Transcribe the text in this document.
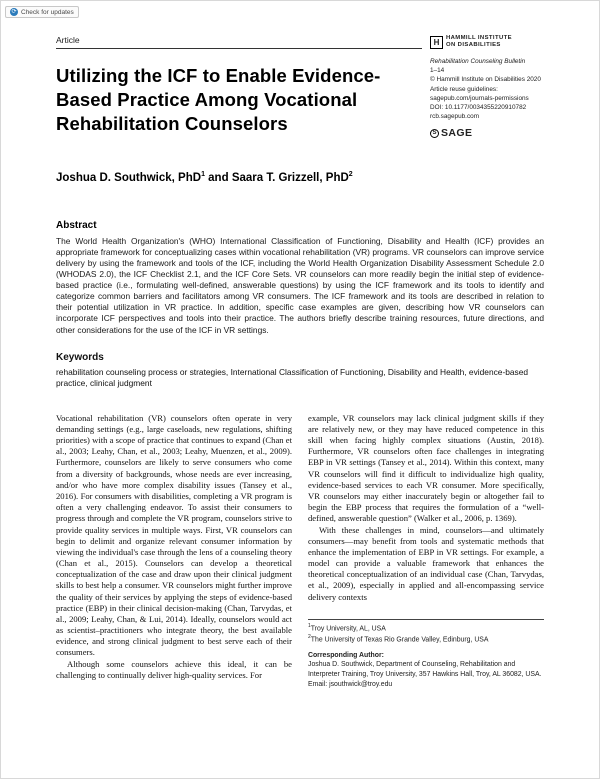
⟳ Check for updates
Article
Utilizing the ICF to Enable Evidence-Based Practice Among Vocational Rehabilitation Counselors
H	HAMMILL INSTITUTE
ON DISABILITIES
Rehabilitation Counseling Bulletin
1–14
© Hammill Institute on Disabilities 2020
Article reuse guidelines:
sagepub.com/journals-permissions
DOI: 10.1177/0034355220910782
rcb.sagepub.com
S SAGE
Joshua D. Southwick, PhD$^1$ and Saara T. Grizzell, PhD$^2$
Abstract
The World Health Organization's (WHO) International Classification of Functioning, Disability and Health (ICF) provides an appropriate framework for conceptualizing cases within vocational rehabilitation (VR) programs. VR counselors can improve service delivery by using the framework and tools of the ICF, including the World Health Organization Disability Assessment Schedule 2.0 (WHODAS 2.0), the ICF Checklist 2.1, and the ICF Core Sets. VR counselors can more readily begin the initial step of evidence-based practice (i.e., formulating well-defined, answerable questions) by using the ICF framework and its tools to identify and categorize common barriers and facilitators among VR consumers. The ICF framework and its tools are described in relation to their potential utilization in VR practice. In addition, specific case examples are given, describing how VR counselors can incorporate ICF perspectives and tools into their practice. The authors briefly describe training resources, future directions, and other considerations for the use of the ICF in VR settings.
Keywords
rehabilitation counseling process or strategies, International Classification of Functioning, Disability and Health, evidence-based practice, clinical judgment

Vocational rehabilitation (VR) counselors often operate in very demanding settings (e.g., large caseloads, new regulations, shifting priorities) with a scope of practice that continues to expand (Chan et al., 2003; Leahy, Chan, et al., 2003; Leahy, Muenzen, et al., 2009). Furthermore, counselors are likely to serve consumers who come from a diversity of backgrounds, whose needs are ever increasing, and/or who have more complex disability issues (Tansey et al., 2016). For consumers with disabilities, completing a VR program is often a very challenging endeavor. To assist their consumers to progress through and complete the VR program, counselors strive to provide quality services in multiple ways. First, VR counselors can begin to delimit and organize relevant consumer information by viewing the individual's case through the lens of a counseling theory (Chan et al., 2015). Counselors can develop a theoretical conceptualization of the case and draw upon their clinical judgment skills to best help a consumer. VR counselors might further improve the quality of their services by applying the steps of evidence-based practice (EBP) in their clinical decision-making (Chan, Tarvydas, et al., 2009; Leahy, Chan, & Lui, 2014). Ideally, counselors would act as scientist–practitioners who integrate theory, the best available evidence, and strong clinical judgment to best serve each of their consumers.

Although some counselors achieve this ideal, it can be challenging to continually deliver high-quality services. For

example, VR counselors may lack clinical judgment skills if they are relatively new, or they may have reduced competence in this skill when facing highly complex situations (Austin, 2018). Furthermore, VR counselors often face challenges in integrating EBP in VR settings (Tansey et al., 2014). Within this context, many VR counselors will find it difficult to individualize high quality, evidence-based services to each VR consumer. More specifically, VR counselors may either inaccurately begin or altogether fail to begin the EBP process that requires the formulation of a “well-defined, answerable question” (Walker et al., 2006, p. 1369).

With these challenges in mind, counselors—and ultimately consumers—may benefit from tools and systematic methods that enhance the implementation of EBP in VR settings. For example, a model can provide a valuable framework that enhances the theoretical conceptualization of an individual case (Chan, Tarvydas, et al., 2009), especially in applied and all-encompassing service delivery contexts

$^1$Troy University, AL, USA
$^2$The University of Texas Rio Grande Valley, Edinburg, USA
Corresponding Author:
Joshua D. Southwick, Department of Counseling, Rehabilitation and Interpreter Training, Troy University, 357 Hawkins Hall, Troy, AL 36082, USA.
Email: jsouthwick@troy.edu
